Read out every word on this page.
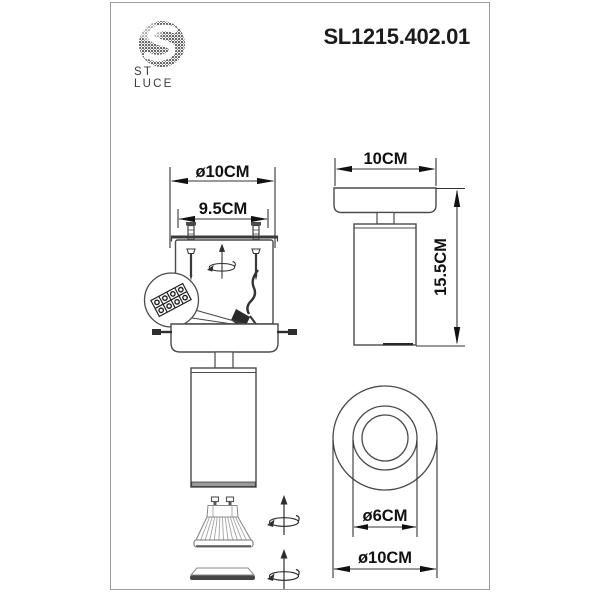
ST LUCE
SL1215.402.01
ø10CM
9.5CM
10CM
15.5CM
ø6CM
ø10CM
